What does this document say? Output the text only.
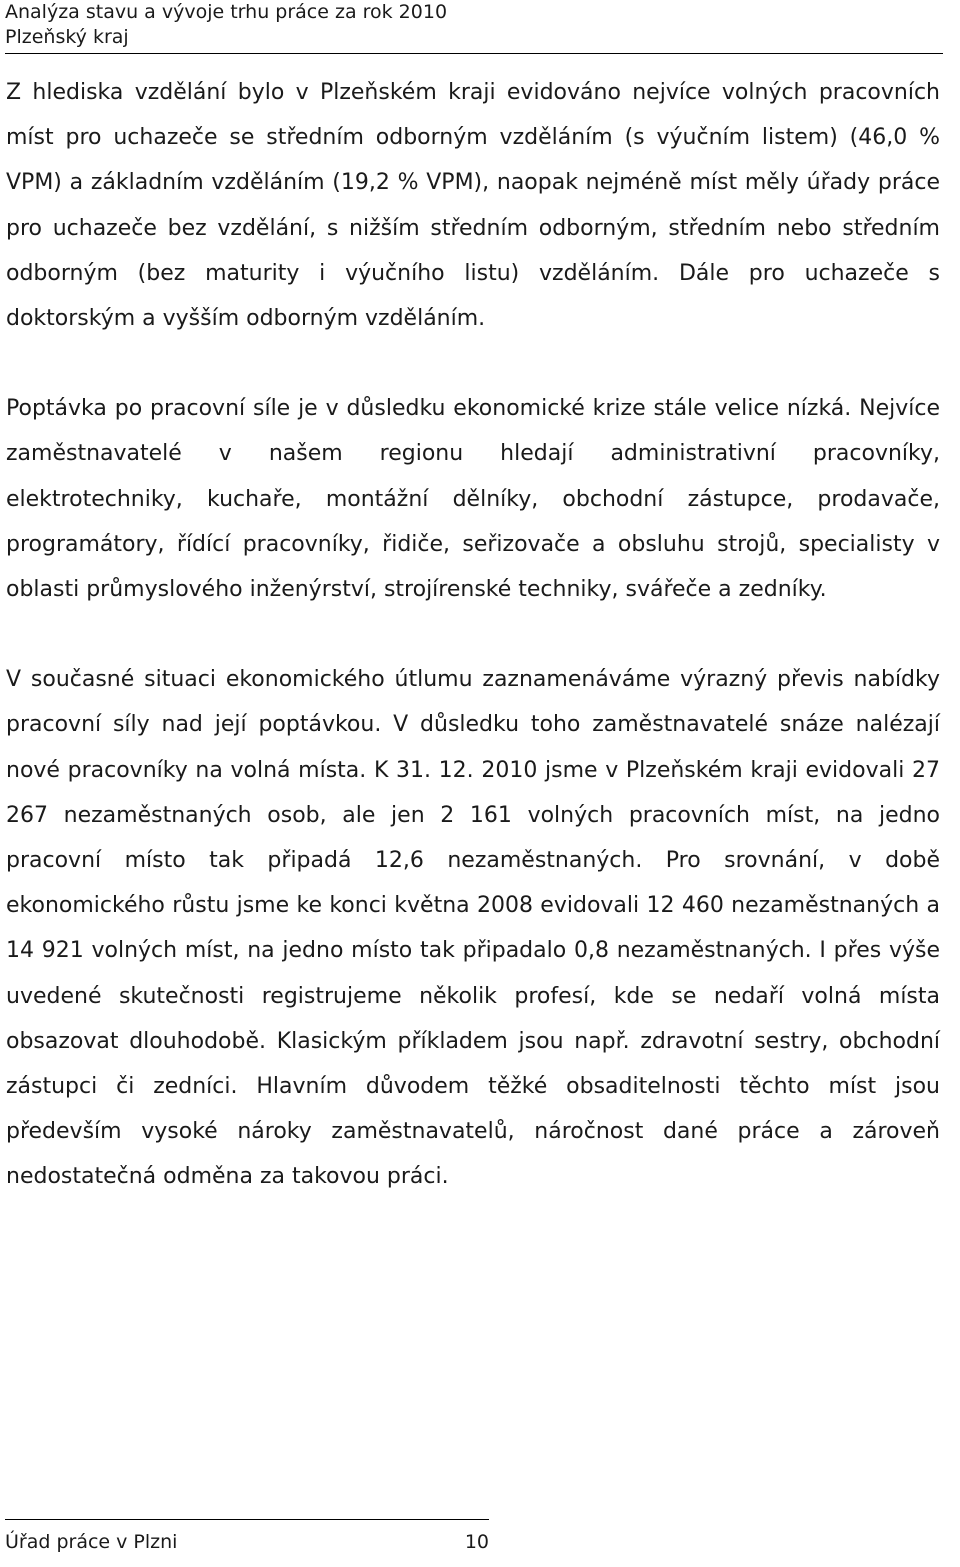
Analýza stavu a vývoje trhu práce za rok 2010
Plzeňský kraj

Z hlediska vzdělání bylo v Plzeňském kraji evidováno nejvíce volných pracovních míst pro uchazeče se středním odborným vzděláním (s výučním listem) (46,0 % VPM) a základním vzděláním (19,2 % VPM), naopak nejméně míst měly úřady práce pro uchazeče bez vzdělání, s nižším středním odborným, středním nebo středním odborným (bez maturity i výučního listu) vzděláním. Dále pro uchazeče s doktorským a vyšším odborným vzděláním.

Poptávka po pracovní síle je v důsledku ekonomické krize stále velice nízká. Nejvíce zaměstnavatelé v našem regionu hledají administrativní pracovníky, elektrotechniky, kuchaře, montážní dělníky, obchodní zástupce, prodavače, programátory, řídící pracovníky, řidiče, seřizovače a obsluhu strojů, specialisty v oblasti průmyslového inženýrství, strojírenské techniky, svářeče a zedníky.

V současné situaci ekonomického útlumu zaznamenáváme výrazný převis nabídky pracovní síly nad její poptávkou. V důsledku toho zaměstnavatelé snáze nalézají nové pracovníky na volná místa. K 31. 12. 2010 jsme v Plzeňském kraji evidovali 27 267 nezaměstnaných osob, ale jen 2 161 volných pracovních míst, na jedno pracovní místo tak připadá 12,6 nezaměstnaných. Pro srovnání, v době ekonomického růstu jsme ke konci května 2008 evidovali 12 460 nezaměstnaných a 14 921 volných míst, na jedno místo tak připadalo 0,8 nezaměstnaných. I přes výše uvedené skutečnosti registrujeme několik profesí, kde se nedaří volná místa obsazovat dlouhodobě. Klasickým příkladem jsou např. zdravotní sestry, obchodní zástupci či zedníci. Hlavním důvodem těžké obsaditelnosti těchto míst jsou především vysoké nároky zaměstnavatelů, náročnost dané práce a zároveň nedostatečná odměna za takovou práci.

Úřad práce v Plzni	10
